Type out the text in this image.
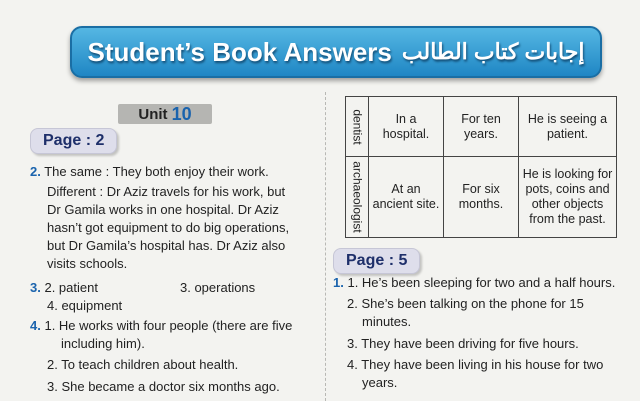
Student’s Book Answers إجابات كتاب الطالب
Unit 10
Page : 2
2. The same : They both enjoy their work.
Different : Dr Aziz travels for his work, but
Dr Gamila works in one hospital. Dr Aziz
hasn’t got equipment to do big operations,
but Dr Gamila’s hospital has. Dr Aziz also
visits schools.
3. 2. patient	3. operations
4. equipment
4. 1. He works with four people (there are five
including him).
2. To teach children about health.
3. She became a doctor six months ago.
dentist	In a hospital.	For ten years.	He is seeing a patient.

archaeologist	At an ancient site.	For six months.	He is looking for pots, coins and other objects from the past.
Page : 5
1. 1. He’s been sleeping for two and a half hours.
2. She’s been talking on the phone for 15
minutes.
3. They have been driving for five hours.
4. They have been living in his house for two
years.
